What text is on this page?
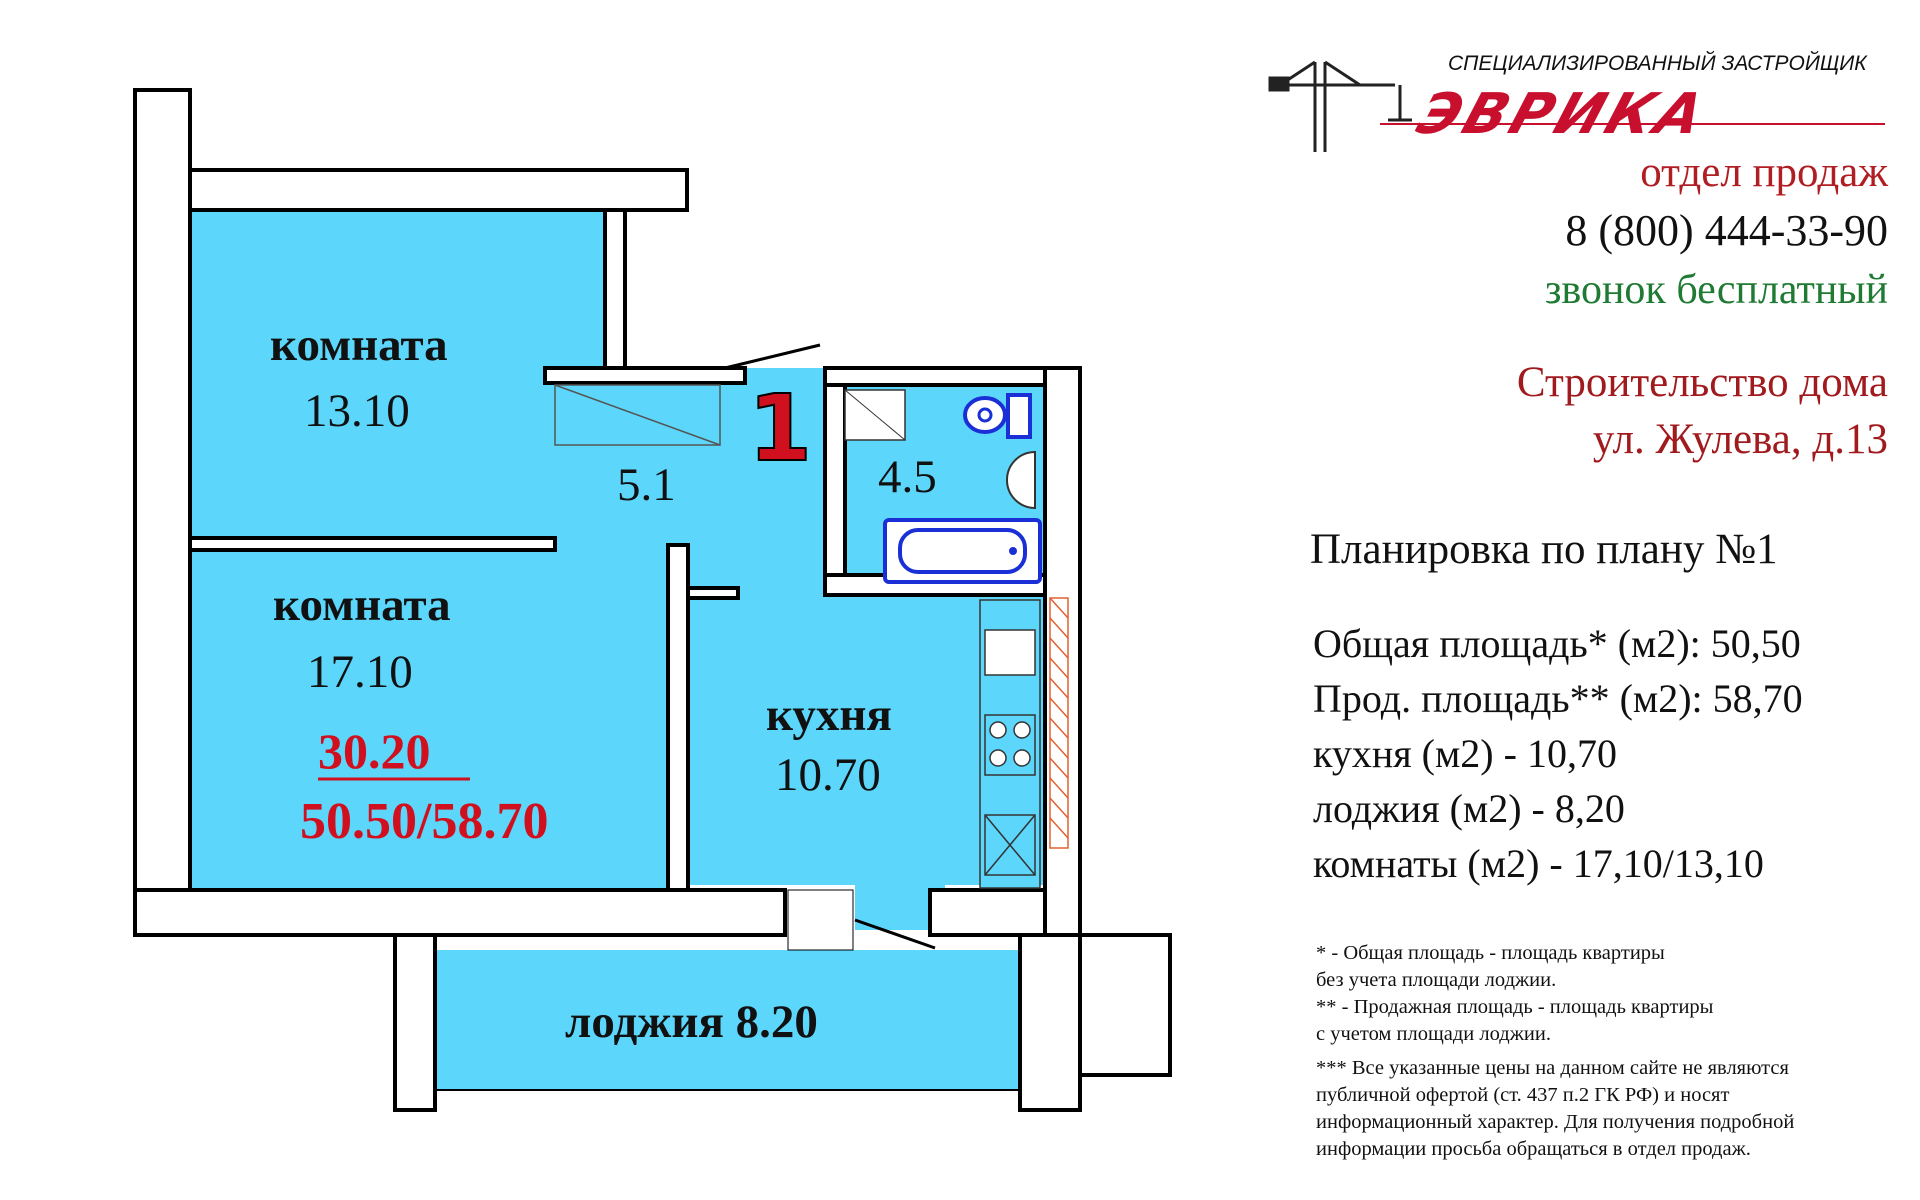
комната
13.10
комната
17.10
5.1	4.5
кухня
10.70
лоджия 8.20
30.20
50.50/58.70
1
СПЕЦИАЛИЗИРОВАННЫЙ ЗАСТРОЙЩИК
ЭВРИКА
отдел продаж
8 (800) 444-33-90
звонок бесплатный
Строительство дома
ул. Жулева, д.13
Планировка по плану №1
Общая площадь* (м2): 50,50
Прод. площадь** (м2): 58,70
кухня (м2) - 10,70
лоджия (м2) - 8,20
комнаты (м2) - 17,10/13,10
* - Общая площадь - площадь квартиры
без учета площади лоджии.
** - Продажная площадь - площадь квартиры
с учетом площади лоджии.
*** Все указанные цены на данном сайте не являются
публичной офертой (ст. 437 п.2 ГК РФ) и носят
информационный характер. Для получения подробной
информации просьба обращаться в отдел продаж.
